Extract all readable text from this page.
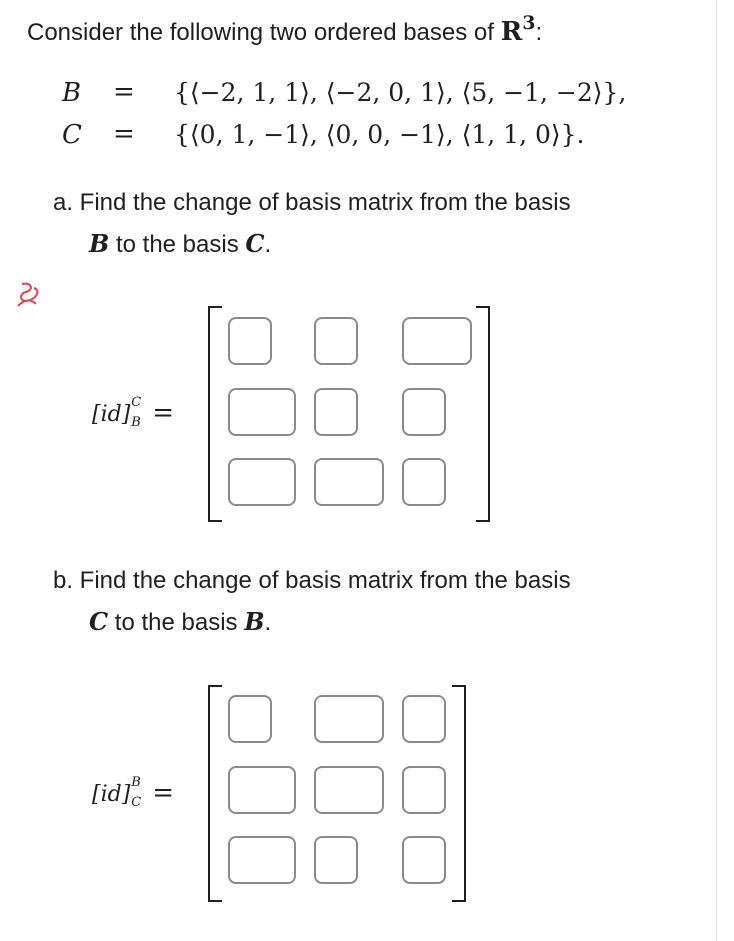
Consider the following two ordered bases of $R^3$:
B = {⟨−2, 1, 1⟩, ⟨−2, 0, 1⟩, ⟨5, −1, −2⟩},
C = {⟨0, 1, −1⟩, ⟨0, 0, −1⟩, ⟨1, 1, 0⟩}.
a. Find the change of basis matrix from the basis
B to the basis C.
[id] C
B =
b. Find the change of basis matrix from the basis
C to the basis B.
[id] B
C =
